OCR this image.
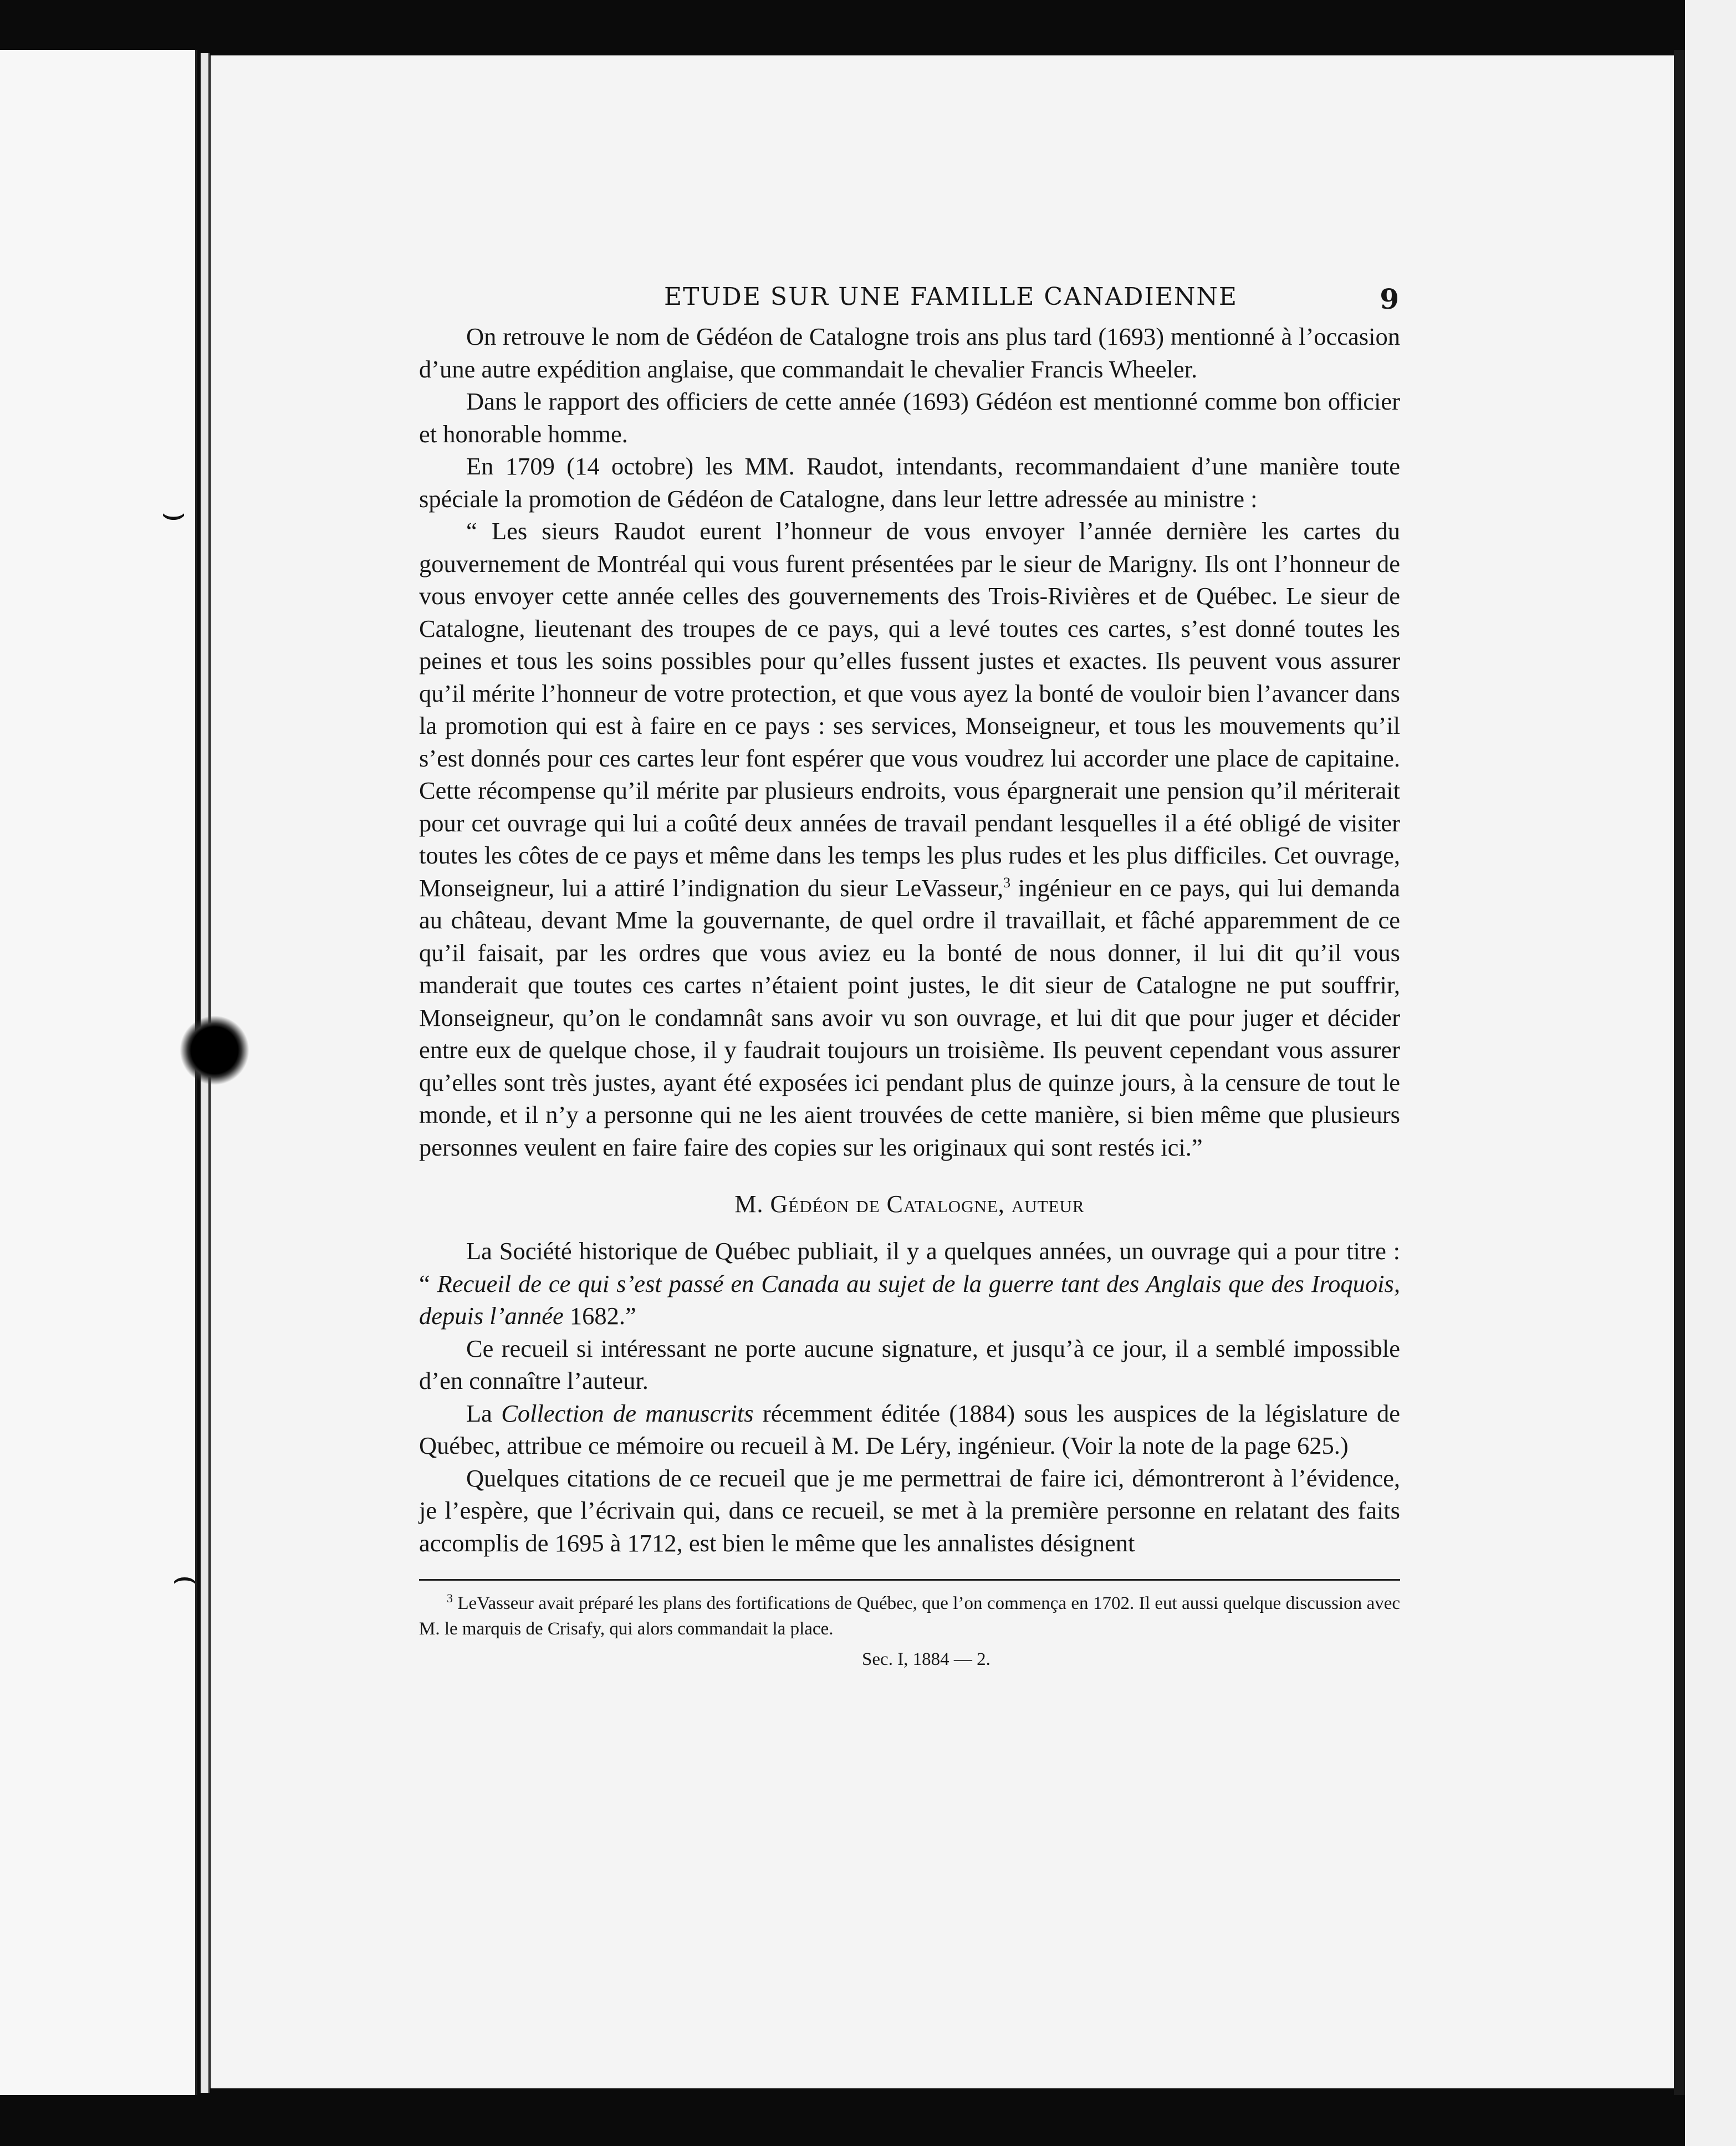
⌣
⌢
ETUDE SUR UNE FAMILLE CANADIENNE	9

On retrouve le nom de Gédéon de Catalogne trois ans plus tard (1693) mentionné à l’occasion d’une autre expédition anglaise, que commandait le chevalier Francis Wheeler.

Dans le rapport des officiers de cette année (1693) Gédéon est mentionné comme bon officier et honorable homme.

En 1709 (14 octobre) les MM. Raudot, intendants, recommandaient d’une manière toute spéciale la promotion de Gédéon de Catalogne, dans leur lettre adressée au ministre :

“ Les sieurs Raudot eurent l’honneur de vous envoyer l’année dernière les cartes du gouvernement de Montréal qui vous furent présentées par le sieur de Marigny. Ils ont l’honneur de vous envoyer cette année celles des gouvernements des Trois-Rivières et de Québec. Le sieur de Catalogne, lieutenant des troupes de ce pays, qui a levé toutes ces cartes, s’est donné toutes les peines et tous les soins possibles pour qu’elles fussent justes et exactes. Ils peuvent vous assurer qu’il mérite l’honneur de votre protection, et que vous ayez la bonté de vouloir bien l’avancer dans la promotion qui est à faire en ce pays : ses services, Monseigneur, et tous les mouvements qu’il s’est donnés pour ces cartes leur font espérer que vous voudrez lui accorder une place de capitaine. Cette récompense qu’il mérite par plusieurs endroits, vous épargnerait une pension qu’il mériterait pour cet ouvrage qui lui a coûté deux années de travail pendant lesquelles il a été obligé de visiter toutes les côtes de ce pays et même dans les temps les plus rudes et les plus difficiles. Cet ouvrage, Monseigneur, lui a attiré l’indignation du sieur LeVasseur,$^3$ ingénieur en ce pays, qui lui demanda au château, devant Mme la gouvernante, de quel ordre il travaillait, et fâché apparemment de ce qu’il faisait, par les ordres que vous aviez eu la bonté de nous donner, il lui dit qu’il vous manderait que toutes ces cartes n’étaient point justes, le dit sieur de Catalogne ne put souffrir, Monseigneur, qu’on le condamnât sans avoir vu son ouvrage, et lui dit que pour juger et décider entre eux de quelque chose, il y faudrait toujours un troisième. Ils peuvent cependant vous assurer qu’elles sont très justes, ayant été exposées ici pendant plus de quinze jours, à la censure de tout le monde, et il n’y a personne qui ne les aient trouvées de cette manière, si bien même que plusieurs personnes veulent en faire faire des copies sur les originaux qui sont restés ici.”

M. Gédéon de Catalogne, auteur

La Société historique de Québec publiait, il y a quelques années, un ouvrage qui a pour titre : “ Recueil de ce qui s’est passé en Canada au sujet de la guerre tant des Anglais que des Iroquois, depuis l’année 1682.”

Ce recueil si intéressant ne porte aucune signature, et jusqu’à ce jour, il a semblé impossible d’en connaître l’auteur.

La Collection de manuscrits récemment éditée (1884) sous les auspices de la législature de Québec, attribue ce mémoire ou recueil à M. De Léry, ingénieur. (Voir la note de la page 625.)

Quelques citations de ce recueil que je me permettrai de faire ici, démontreront à l’évidence, je l’espère, que l’écrivain qui, dans ce recueil, se met à la première personne en relatant des faits accomplis de 1695 à 1712, est bien le même que les annalistes désignent

$^3$ LeVasseur avait préparé les plans des fortifications de Québec, que l’on commença en 1702. Il eut aussi quelque discussion avec M. le marquis de Crisafy, qui alors commandait la place.

Sec. I, 1884 — 2.
